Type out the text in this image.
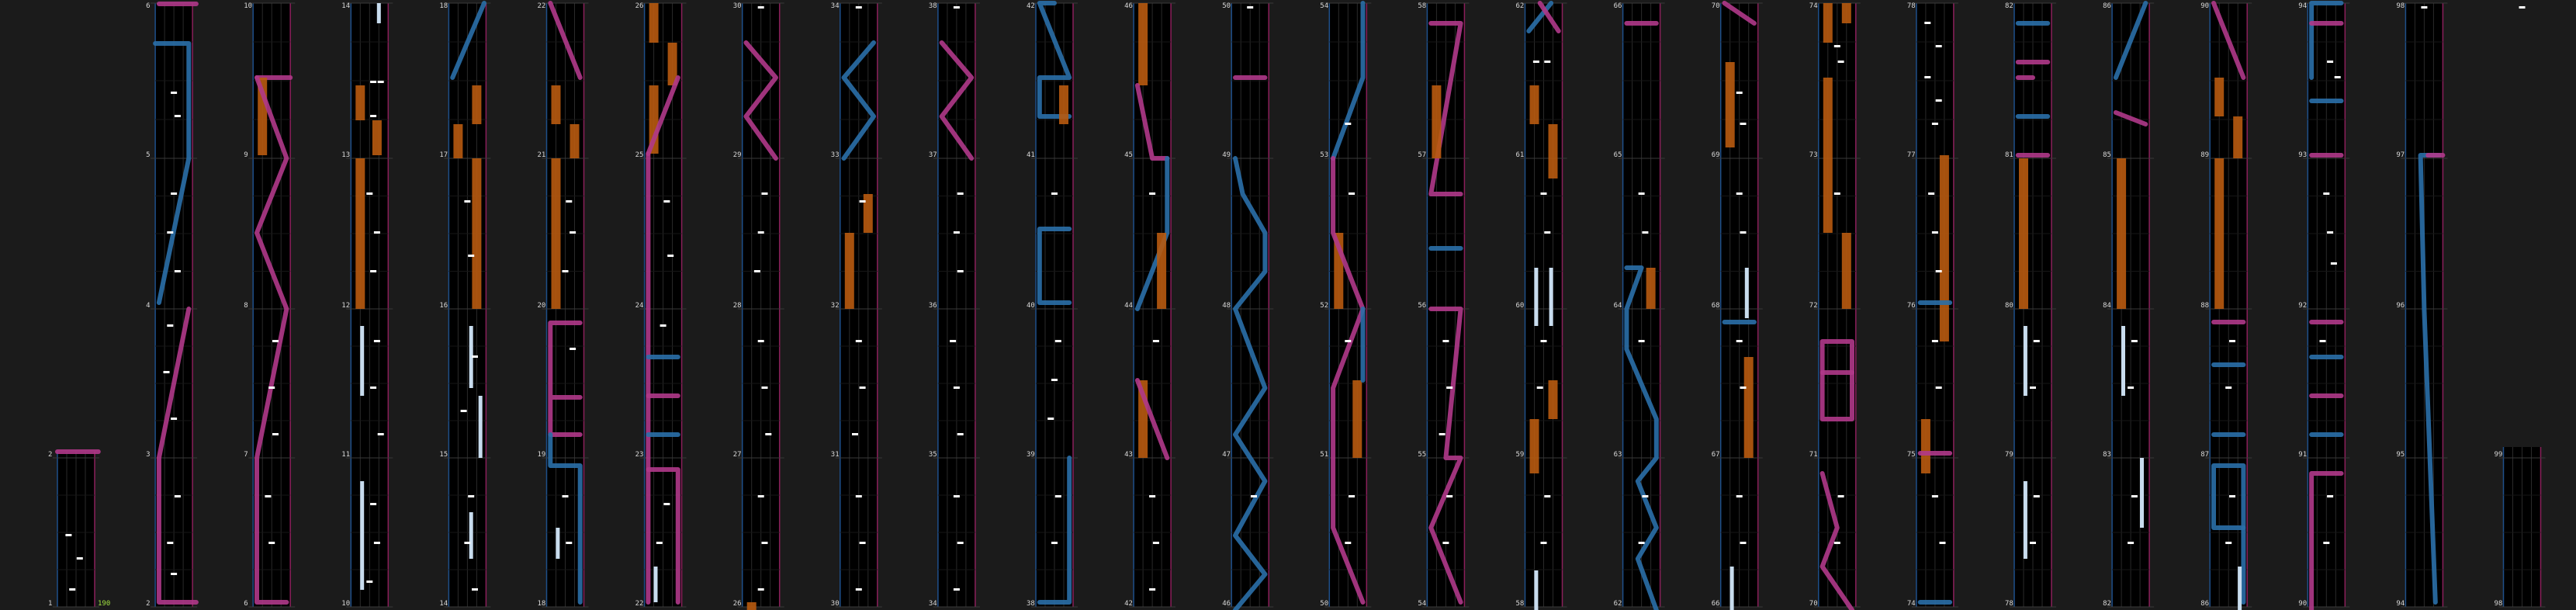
2
1
6
5
4
3
2
10
9
8
7
6
14
13
12
11
10
18
17
16
15
14
22
21
20
19
18
26
25
24
23
22
30
29
28
27
26
34
33
32
31
30
38
37
36
35
34
42
41
40
39
38
46
45
44
43
42
50
49
48
47
46
54
53
52
51
50
58
57
56
55
54
62
61
60
59
58
66
65
64
63
62
70
69
68
67
66
74
73
72
71
70
78
77
76
75
74
82
81
80
79
78
86
85
84
83
82
90
89
88
87
86
94
93
92
91
90
98
97
96
95
94
99
98
190
